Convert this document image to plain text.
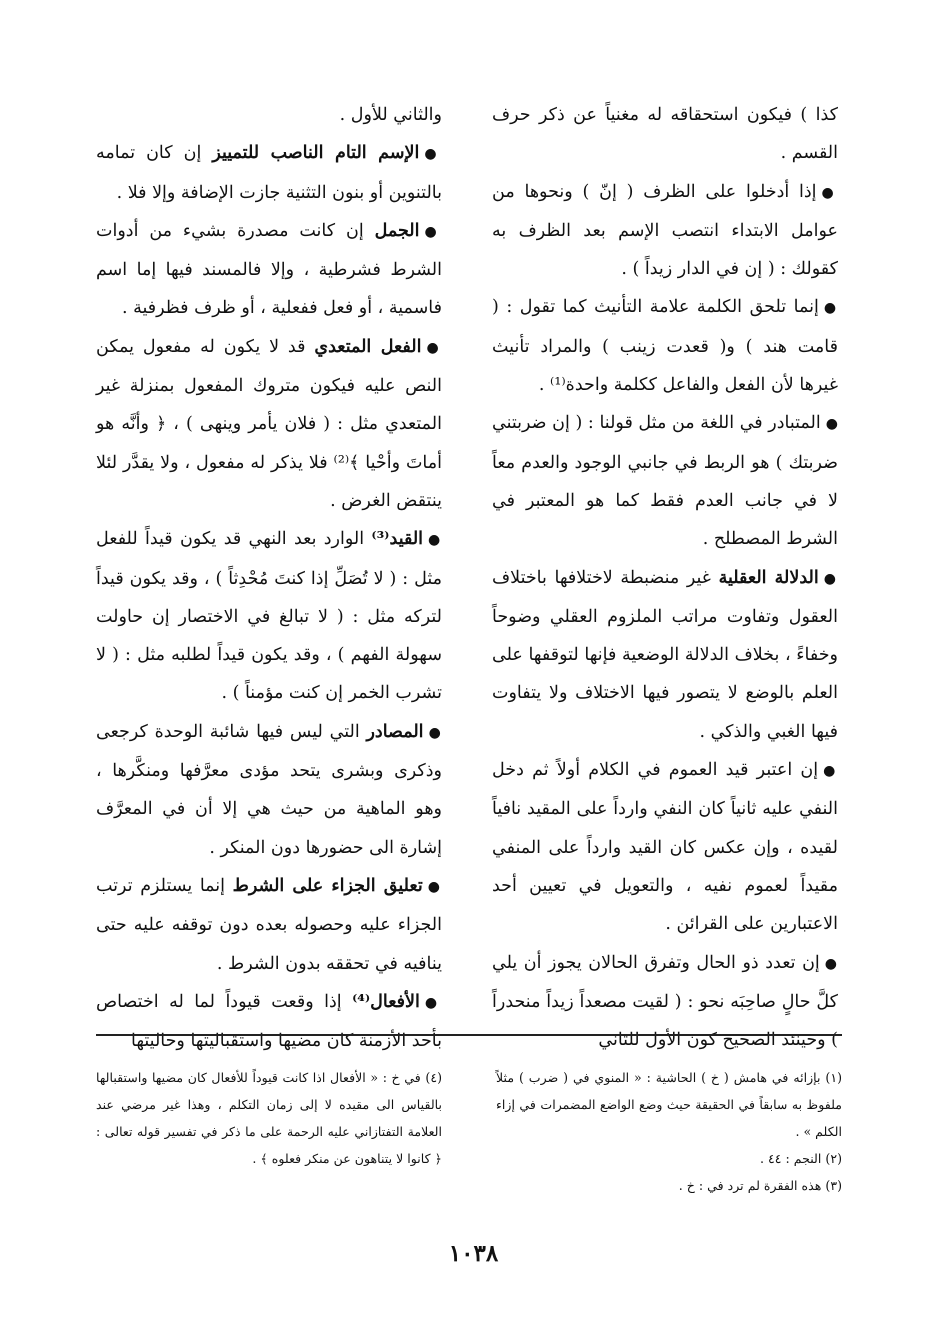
كذا ) فيكون استحقاقه له مغنياً عن ذكر حرف القسم .

●إذا أدخلوا على الظرف ( إنّ ) ونحوها من عوامل الابتداء انتصب الإسم بعد الظرف به كقولك : ( إن في الدار زيداً ) .

●إنما تلحق الكلمة علامة التأنيث كما تقول : ( قامت هند ) و( قعدت زينب ) والمراد تأنيث غيرها لأن الفعل والفاعل ككلمة واحدة⁽¹⁾ .

●المتبادر في اللغة من مثل قولنا : ( إن ضربتني ضربتك ) هو الربط في جانبي الوجود والعدم معاً لا في جانب العدم فقط كما هو المعتبر في الشرط المصطلح .

●الدلالة العقلية غير منضبطة لاختلافها باختلاف العقول وتفاوت مراتب الملزوم العقلي وضوحاً وخفاءً ، بخلاف الدلالة الوضعية فإنها لتوقفها على العلم بالوضع لا يتصور فيها الاختلاف ولا يتفاوت فيها الغبي والذكي .

●إن اعتبر قيد العموم في الكلام أولاً ثم دخل النفي عليه ثانياً كان النفي وارداً على المقيد نافياً لقيده ، وإن عكس كان القيد وارداً على المنفي مقيداً لعموم نفيه ، والتعويل في تعيين أحد الاعتبارين على القرائن .

●إن تعدد ذو الحال وتفرق الحالان يجوز أن يلي كلَّ حالٍ صاحِبَه نحو : ( لقيت مصعداً زيداً منحدراً ) وحينئذ الصحيح كون الأول للثاني

والثاني للأول .

●الإسم التام الناصب للتمييز إن كان تمامه بالتنوين أو بنون التثنية جازت الإضافة وإلا فلا .

●الجمل إن كانت مصدرة بشيء من أدوات الشرط فشرطية ، وإلا فالمسند فيها إما اسم فاسمية ، أو فعل ففعلية ، أو ظرف فظرفية .

●الفعل المتعدي قد لا يكون له مفعول يمكن النص عليه فيكون متروك المفعول بمنزلة غير المتعدي مثل : ( فلان يأمر وينهى ) ، ﴿ وأنَّه هو أماتَ وأحْيا ﴾⁽²⁾ فلا يذكر له مفعول ، ولا يقدَّر لئلا ينتقض الغرض .

●القيد⁽³⁾ الوارد بعد النهي قد يكون قيداً للفعل مثل : ( لا تُصَلِّ إذا كنتَ مُحْدِثاً ) ، وقد يكون قيداً لتركه مثل : ( لا تبالغ في الاختصار إن حاولت سهولة الفهم ) ، وقد يكون قيداً لطلبه مثل : ( لا تشرب الخمر إن كنت مؤمناً ) .

●المصادر التي ليس فيها شائبة الوحدة كرجعى وذكرى وبشرى يتحد مؤدى معرَّفها ومنكَّرها ، وهو الماهية من حيث هي إلا أن في المعرَّف إشارة الى حضورها دون المنكر .

●تعليق الجزاء على الشرط إنما يستلزم ترتب الجزاء عليه وحصوله بعده دون توقفه عليه حتى ينافيه في تحققه بدون الشرط .

●الأفعال⁽⁴⁾ إذا وقعت قيوداً لما له اختصاص بأحد الأزمنة كان مضيها واستقباليتها وحاليتها

(١) بإزائه في هامش ( خ ) الحاشية : « المنوي في ( ضرب ) مثلاً ملفوظ به سابقاً في الحقيقة حيث وضع الواضع المضمرات في إزاء الكلم » .

(٢) النجم : ٤٤ .

(٣) هذه الفقرة لم ترد في : خ .

(٤) في خ : « الأفعال اذا كانت قيوداً للأفعال كان مضيها واستقبالها بالقياس الى مقيده لا إلى زمان التكلم ، وهذا غير مرضي عند العلامة التفتازاني عليه الرحمة على ما ذكر في تفسير قوله تعالى : ﴿ كانوا لا يتناهون عن منكر فعلوه ﴾ .

١٠٣٨
